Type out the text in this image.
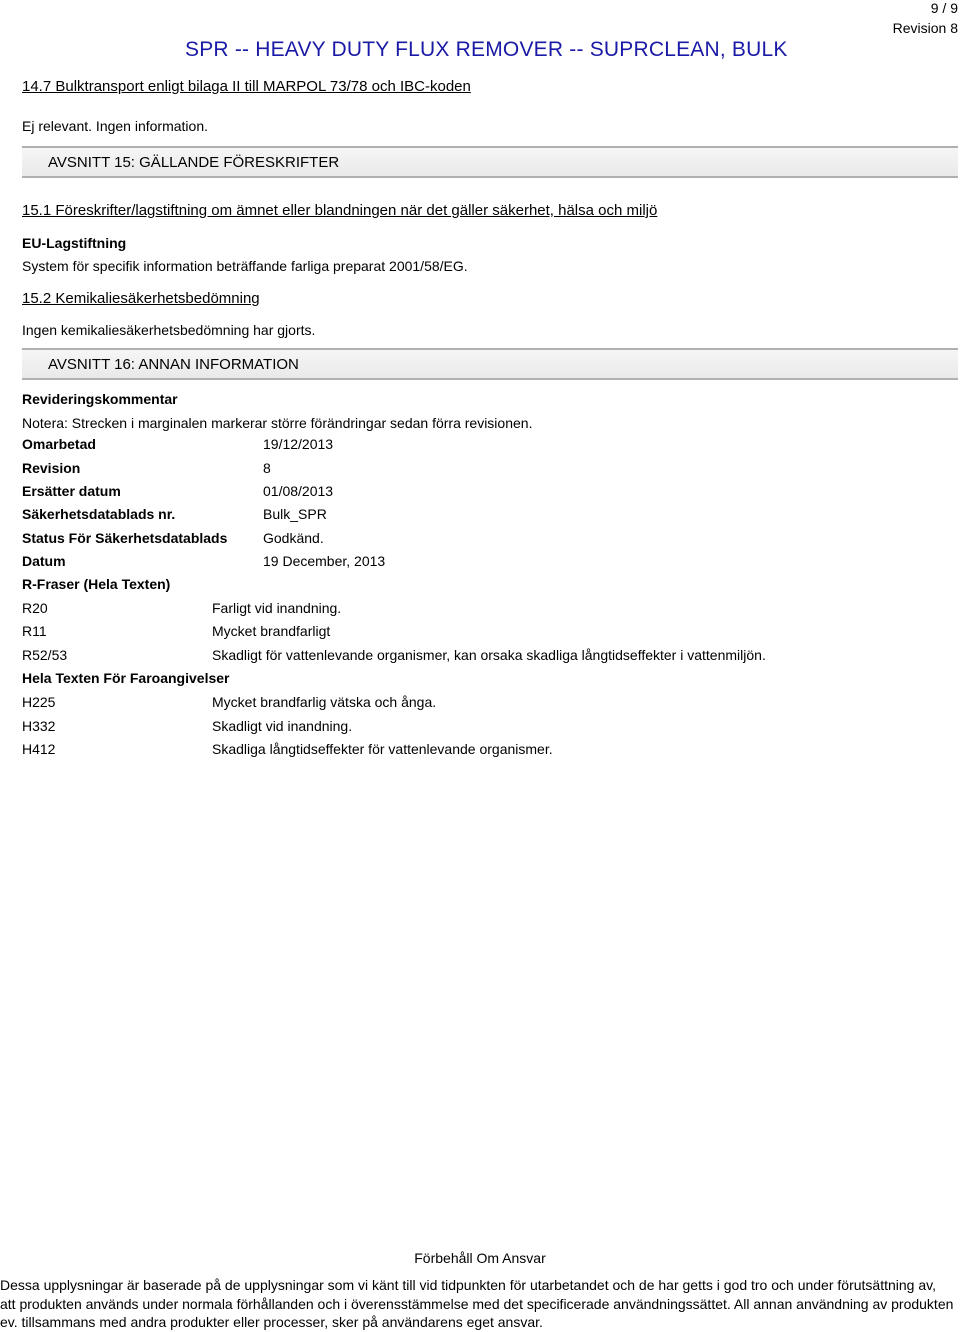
9 / 9
Revision 8
SPR -- HEAVY DUTY FLUX REMOVER -- SUPRCLEAN, BULK
14.7 Bulktransport enligt bilaga II till MARPOL 73/78 och IBC-koden
Ej relevant. Ingen information.
AVSNITT 15: GÄLLANDE FÖRESKRIFTER
15.1 Föreskrifter/lagstiftning om ämnet eller blandningen när det gäller säkerhet, hälsa och miljö
EU-Lagstiftning
System för specifik information beträffande farliga preparat 2001/58/EG.
15.2 Kemikaliesäkerhetsbedömning
Ingen kemikaliesäkerhetsbedömning har gjorts.
AVSNITT 16: ANNAN INFORMATION
Revideringskommentar
Notera: Strecken i marginalen markerar större förändringar sedan förra revisionen.
Omarbetad	19/12/2013
Revision	8
Ersätter datum	01/08/2013
Säkerhetsdatablads nr.	Bulk_SPR
Status För Säkerhetsdatablads	Godkänd.
Datum	19 December, 2013
R-Fraser (Hela Texten)
R20	Farligt vid inandning.
R11	Mycket brandfarligt
R52/53	Skadligt för vattenlevande organismer, kan orsaka skadliga långtidseffekter i vattenmiljön.
Hela Texten För Faroangivelser
H225	Mycket brandfarlig vätska och ånga.
H332	Skadligt vid inandning.
H412	Skadliga långtidseffekter för vattenlevande organismer.
Förbehåll Om Ansvar
Dessa upplysningar är baserade på de upplysningar som vi känt till vid tidpunkten för utarbetandet och de har getts i god tro och under förutsättning av,
att produkten används under normala förhållanden och i överensstämmelse med det specificerade användningssättet. All annan användning av produkten
ev. tillsammans med andra produkter eller processer, sker på användarens eget ansvar.
